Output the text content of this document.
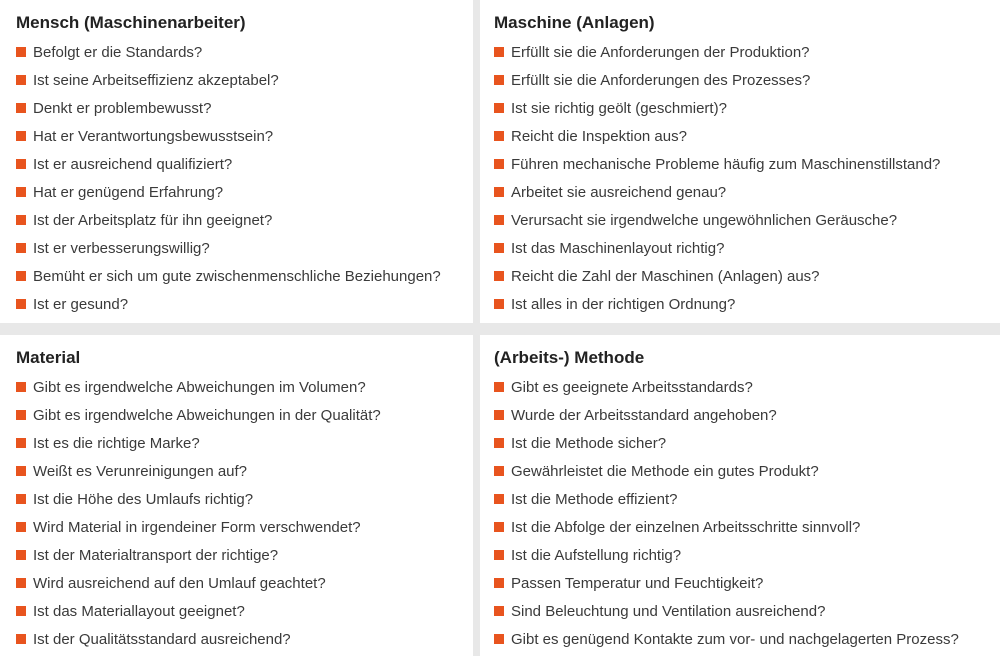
Mensch (Maschinenarbeiter)
Befolgt er die Standards?
Ist seine Arbeitseffizienz akzeptabel?
Denkt er problembewusst?
Hat er Verantwortungsbewusstsein?
Ist er ausreichend qualifiziert?
Hat er genügend Erfahrung?
Ist der Arbeitsplatz für ihn geeignet?
Ist er verbesserungswillig?
Bemüht er sich um gute zwischenmenschliche Beziehungen?
Ist er gesund?
Maschine (Anlagen)
Erfüllt sie die Anforderungen der Produktion?
Erfüllt sie die Anforderungen des Prozesses?
Ist sie richtig geölt (geschmiert)?
Reicht die Inspektion aus?
Führen mechanische Probleme häufig zum Maschinenstillstand?
Arbeitet sie ausreichend genau?
Verursacht sie irgendwelche ungewöhnlichen Geräusche?
Ist das Maschinenlayout richtig?
Reicht die Zahl der Maschinen (Anlagen) aus?
Ist alles in der richtigen Ordnung?
Material
Gibt es irgendwelche Abweichungen im Volumen?
Gibt es irgendwelche Abweichungen in der Qualität?
Ist es die richtige Marke?
Weißt es Verunreinigungen auf?
Ist die Höhe des Umlaufs richtig?
Wird Material in irgendeiner Form verschwendet?
Ist der Materialtransport der richtige?
Wird ausreichend auf den Umlauf geachtet?
Ist das Materiallayout geeignet?
Ist der Qualitätsstandard ausreichend?
(Arbeits-) Methode
Gibt es geeignete Arbeitsstandards?
Wurde der Arbeitsstandard angehoben?
Ist die Methode sicher?
Gewährleistet die Methode ein gutes Produkt?
Ist die Methode effizient?
Ist die Abfolge der einzelnen Arbeitsschritte sinnvoll?
Ist die Aufstellung richtig?
Passen Temperatur und Feuchtigkeit?
Sind Beleuchtung und Ventilation ausreichend?
Gibt es genügend Kontakte zum vor- und nachgelagerten Prozess?
